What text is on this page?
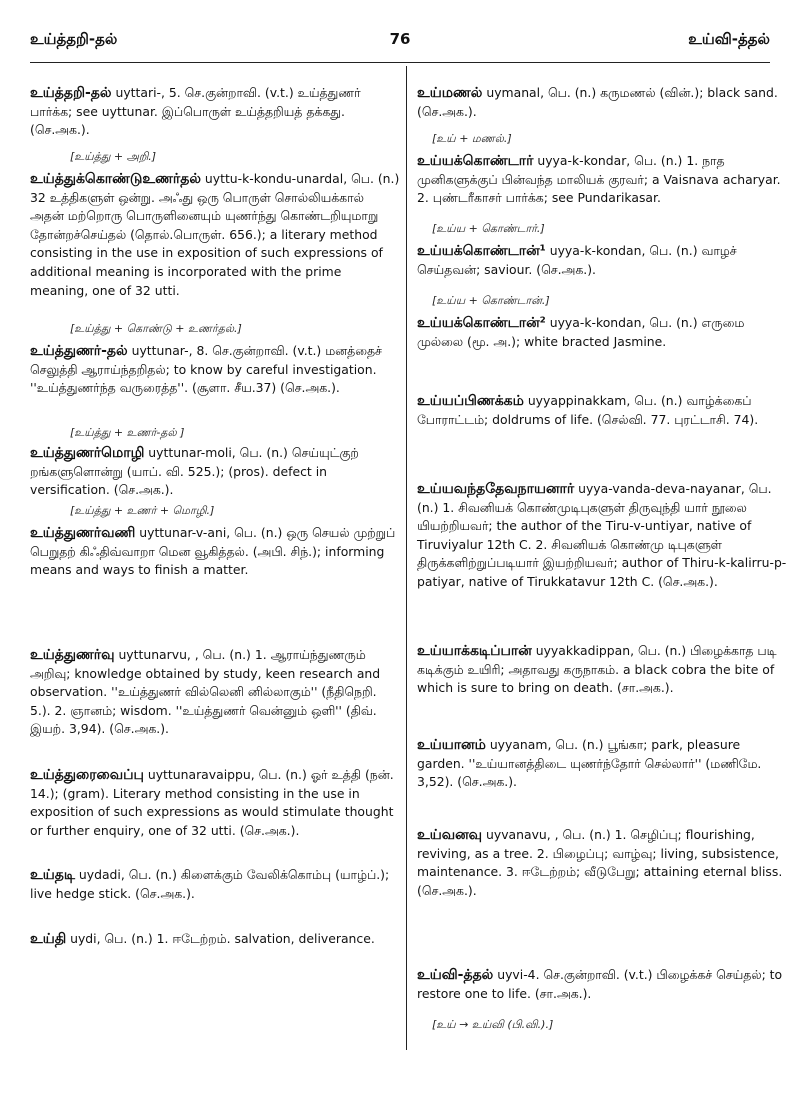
உய்த்தறி-தல்	76	உய்வி-த்தல்
உய்த்தறி-தல் uyttari-, 5. செ.குன்றாவி. (v.t.) உய்த்துணர் பார்க்க; see uyttunar. இப்பொருள் உய்த்தறியத் தக்கது. (செ.அக.).
[உய்த்து + அறி.]
உய்த்துக்கொண்டுஉணர்தல் uyttu-k-kondu-unardal, பெ. (n.) 32 உத்திகளுள் ஒன்று. அஃது ஒரு பொருள் சொல்லியக்கால் அதன் மற்றொரு பொருளினையும் யுணர்ந்து கொண்டறியுமாறு தோன்றச்செய்தல் (தொல்.பொருள். 656.); a literary method consisting in the use in exposition of such expressions of additional meaning is incorporated with the prime meaning, one of 32 utti.
[உய்த்து + கொண்டு + உணர்தல்.]
உய்த்துணர்-தல் uyttunar-, 8. செ.குன்றாவி. (v.t.) மனத்தைச் செலுத்தி ஆராய்ந்தறிதல்; to know by careful investigation. ''உய்த்துணர்ந்த வருரைத்த''. (சூளா. சீய.37) (செ.அக.).
[உய்த்து + உணர்-தல் ]
உய்த்துணர்மொழி uyttunar-moli, பெ. (n.) செய்யுட்குற் றங்களுளொன்று (யாப். வி. 525.); (pros). defect in versification. (செ.அக.).
[உய்த்து + உணர் + மொழி.]
உய்த்துணர்வணி uyttunar-v-ani, பெ. (n.) ஒரு செயல் முற்றுப் பெறுதற் கிஃதிவ்வாறா மென வூகித்தல். (அபி. சிந்.); informing means and ways to finish a matter.
உய்த்துணர்வு uyttunarvu, , பெ. (n.) 1. ஆராய்ந்துணரும் அறிவு; knowledge obtained by study, keen research and observation. ''உய்த்துணர் வில்லெனி னில்லாகும்'' (நீதிநெறி. 5.). 2. ஞானம்; wisdom. ''உய்த்துணர் வென்னும் ஒளி'' (திவ். இயற். 3,94). (செ.அக.).
உய்த்துரைவைப்பு uyttunaravaippu, பெ. (n.) ஓர் உத்தி (நன். 14.); (gram). Literary method consisting in the use in exposition of such expressions as would stimulate thought or further enquiry, one of 32 utti. (செ.அக.).
உய்தடி uydadi, பெ. (n.) கிளைக்கும் வேலிக்கொம்பு (யாழ்ப்.); live hedge stick. (செ.அக.).
உய்தி uydi, பெ. (n.) 1. ஈடேற்றம். salvation, deliverance.
உய்மணல் uymanal, பெ. (n.) கருமணல் (வின்.); black sand. (செ.அக.).
[உய் + மணல்.]
உய்யக்கொண்டார் uyya-k-kondar, பெ. (n.) 1. நாத முனிகளுக்குப் பின்வந்த மாலியக் குரவர்; a Vaisnava acharyar. 2. புண்டரீகாசர் பார்க்க; see Pundarikasar.
[உய்ய + கொண்டார்.]
உய்யக்கொண்டான்¹ uyya-k-kondan, பெ. (n.) வாழச் செய்தவன்; saviour. (செ.அக.).
[உய்ய + கொண்டான்.]
உய்யக்கொண்டான்² uyya-k-kondan, பெ. (n.) எருமை முல்லை (மூ. அ.); white bracted Jasmine.
உய்யப்பிணக்கம் uyyappinakkam, பெ. (n.) வாழ்க்கைப் போராட்டம்; doldrums of life. (செல்வி. 77. புரட்டாசி. 74).
உய்யவந்ததேவநாயனார் uyya-vanda-deva-nayanar, பெ. (n.) 1. சிவனியக் கொண்முடிபுகளுள் திருவுந்தி யார் நூலை யியற்றியவர்; the author of the Tiru-v-untiyar, native of Tiruviyalur 12th C. 2. சிவனியக் கொண்மு டிபுகளுள் திருக்களிற்றுப்படியார் இயற்றியவர்; author of Thiru-k-kalirru-p-patiyar, native of Tirukkatavur 12th C. (செ.அக.).
உய்யாக்கடிப்பான் uyyakkadippan, பெ. (n.) பிழைக்காத படி கடிக்கும் உயிரி; அதாவது கருநாகம். a black cobra the bite of which is sure to bring on death. (சா.அக.).
உய்யானம் uyyanam, பெ. (n.) பூங்கா; park, pleasure garden. ''உய்யானத்திடை யுணர்ந்தோர் செல்லார்'' (மணிமே. 3,52). (செ.அக.).
உய்வனவு uyvanavu, , பெ. (n.) 1. செழிப்பு; flourishing, reviving, as a tree. 2. பிழைப்பு; வாழ்வு; living, subsistence, maintenance. 3. ஈடேற்றம்; வீடுபேறு; attaining eternal bliss. (செ.அக.).
உய்வி-த்தல் uyvi-4. செ.குன்றாவி. (v.t.) பிழைக்கச் செய்தல்; to restore one to life. (சா.அக.).
[உய் → உய்வி (பி.வி.).]
